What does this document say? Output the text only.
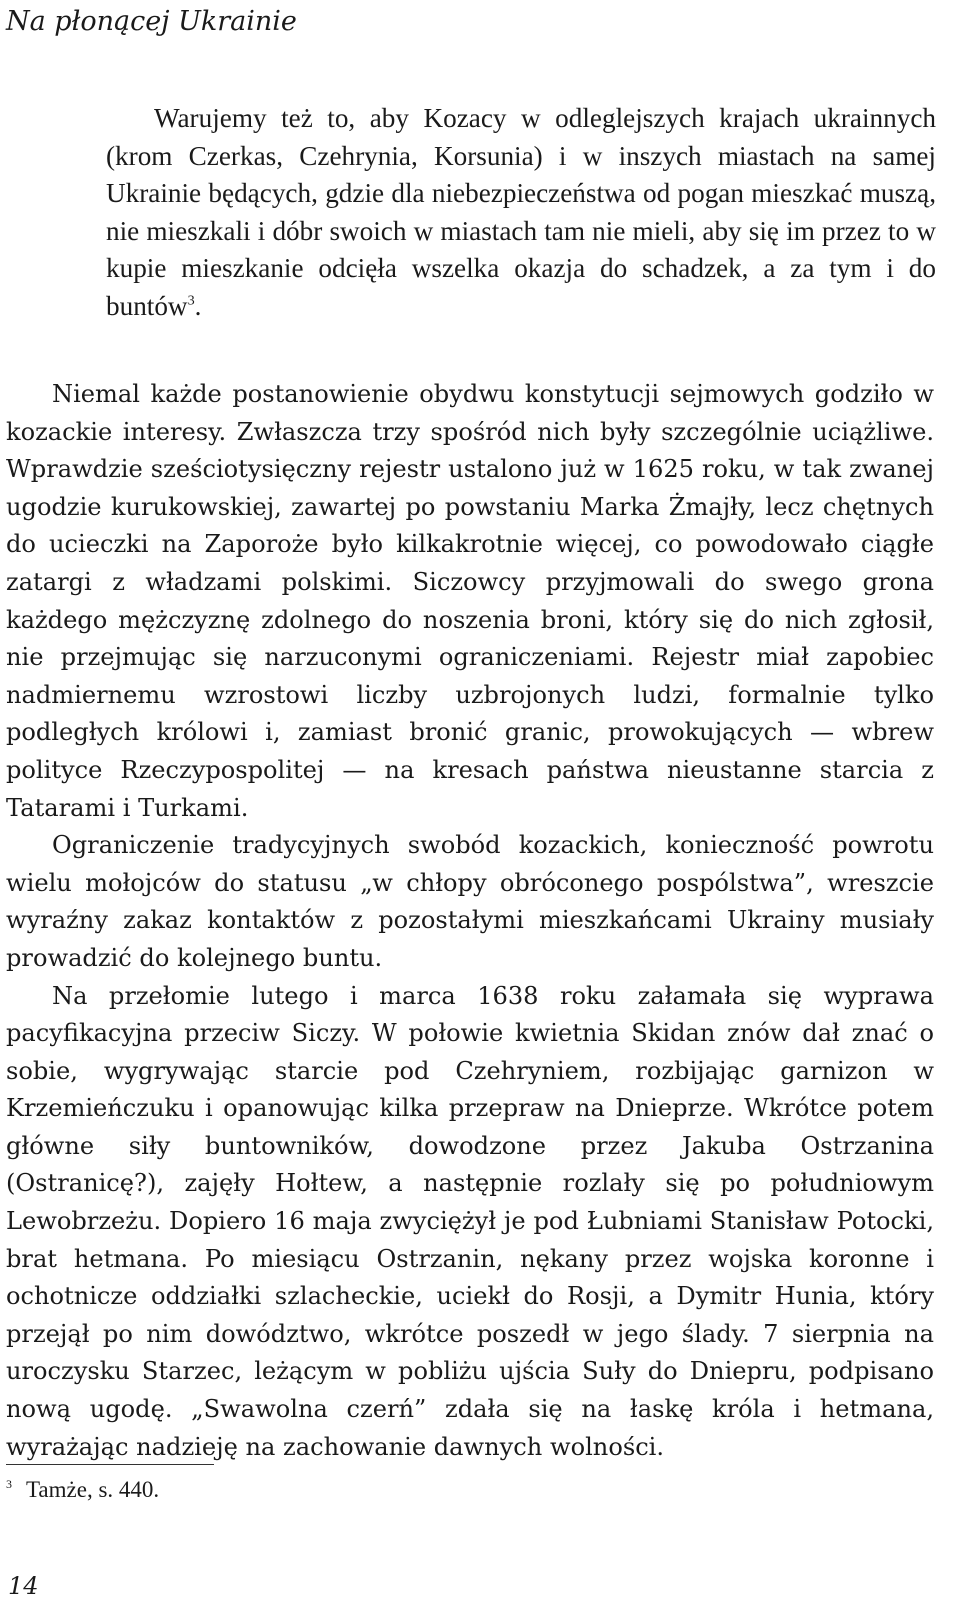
Na płonącej Ukrainie

Warujemy też to, aby Kozacy w odleglejszych krajach ukrainnych (krom Czerkas, Czehrynia, Korsunia) i w inszych miastach na samej Ukrainie będących, gdzie dla niebezpieczeństwa od pogan mieszkać muszą, nie mieszkali i dóbr swoich w miastach tam nie mieli, aby się im przez to w kupie mieszkanie odcięła wszelka okazja do schadzek, a za tym i do buntów$^3$.

Niemal każde postanowienie obydwu konstytucji sejmowych godziło w kozackie interesy. Zwłaszcza trzy spośród nich były szczególnie uciążliwe. Wprawdzie sześciotysięczny rejestr ustalono już w 1625 roku, w tak zwanej ugodzie kurukowskiej, zawartej po powstaniu Marka Żmajły, lecz chętnych do ucieczki na Zaporoże było kilkakrotnie więcej, co powodowało ciągłe zatargi z władzami polskimi. Siczowcy przyjmowali do swego grona każdego mężczyznę zdolnego do noszenia broni, który się do nich zgłosił, nie przejmując się narzuconymi ograniczeniami. Rejestr miał zapobiec nadmiernemu wzrostowi liczby uzbrojonych ludzi, formalnie tylko podległych królowi i, zamiast bronić granic, prowokujących — wbrew polityce Rzeczypospolitej — na kresach państwa nieustanne starcia z Tatarami i Turkami.

Ograniczenie tradycyjnych swobód kozackich, konieczność powrotu wielu mołojców do statusu „w chłopy obróconego pospólstwa”, wreszcie wyraźny zakaz kontaktów z pozostałymi mieszkańcami Ukrainy musiały prowadzić do kolejnego buntu.

Na przełomie lutego i marca 1638 roku załamała się wyprawa pacyfikacyjna przeciw Siczy. W połowie kwietnia Skidan znów dał znać o sobie, wygrywając starcie pod Czehryniem, rozbijając garnizon w Krzemieńczuku i opanowując kilka przepraw na Dnieprze. Wkrótce potem główne siły buntowników, dowodzone przez Jakuba Ostrzanina (Ostranicę?), zajęły Hołtew, a następnie rozlały się po południowym Lewobrzeżu. Dopiero 16 maja zwyciężył je pod Łubniami Stanisław Potocki, brat hetmana. Po miesiącu Ostrzanin, nękany przez wojska koronne i ochotnicze oddziałki szlacheckie, uciekł do Rosji, a Dymitr Hunia, który przejął po nim dowództwo, wkrótce poszedł w jego ślady. 7 sierpnia na uroczysku Starzec, leżącym w pobliżu ujścia Suły do Dniepru, podpisano nową ugodę. „Swawolna czerń” zdała się na łaskę króla i hetmana, wyrażając nadzieję na zachowanie dawnych wolności.

$^3$ Tamże, s. 440.

14
